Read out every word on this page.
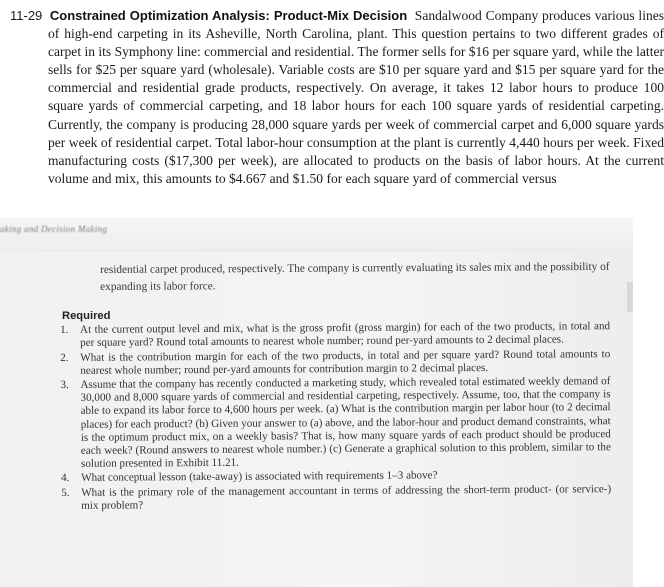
11-29 Constrained Optimization Analysis: Product-Mix Decision Sandalwood Company produces various lines of high-end carpeting in its Asheville, North Carolina, plant. This question pertains to two different grades of carpet in its Symphony line: commercial and residential. The former sells for $16 per square yard, while the latter sells for $25 per square yard (wholesale). Variable costs are $10 per square yard and $15 per square yard for the commercial and residential grade products, respectively. On average, it takes 12 labor hours to produce 100 square yards of commercial carpeting, and 18 labor hours for each 100 square yards of residential carpeting. Currently, the company is producing 28,000 square yards per week of commercial carpet and 6,000 square yards per week of residential carpet. Total labor-hour consumption at the plant is currently 4,440 hours per week. Fixed manufacturing costs ($17,300 per week), are allocated to products on the basis of labor hours. At the current volume and mix, this amounts to $4.667 and $1.50 for each square yard of commercial versus

aking and Decision Making

residential carpet produced, respectively. The company is currently evaluating its sales mix and the possibility of expanding its labor force.

Required
1. At the current output level and mix, what is the gross profit (gross margin) for each of the two products, in total and per square yard? Round total amounts to nearest whole number; round per-yard amounts to 2 decimal places.
2. What is the contribution margin for each of the two products, in total and per square yard? Round total amounts to nearest whole number; round per-yard amounts for contribution margin to 2 decimal places.
3. Assume that the company has recently conducted a marketing study, which revealed total estimated weekly demand of 30,000 and 8,000 square yards of commercial and residential carpeting, respectively. Assume, too, that the company is able to expand its labor force to 4,600 hours per week. (a) What is the contribution margin per labor hour (to 2 decimal places) for each product? (b) Given your answer to (a) above, and the labor-hour and product demand constraints, what is the optimum product mix, on a weekly basis? That is, how many square yards of each product should be produced each week? (Round answers to nearest whole number.) (c) Generate a graphical solution to this problem, similar to the solution presented in Exhibit 11.21.
4. What conceptual lesson (take-away) is associated with requirements 1–3 above?
5. What is the primary role of the management accountant in terms of addressing the short-term product- (or service-) mix problem?
